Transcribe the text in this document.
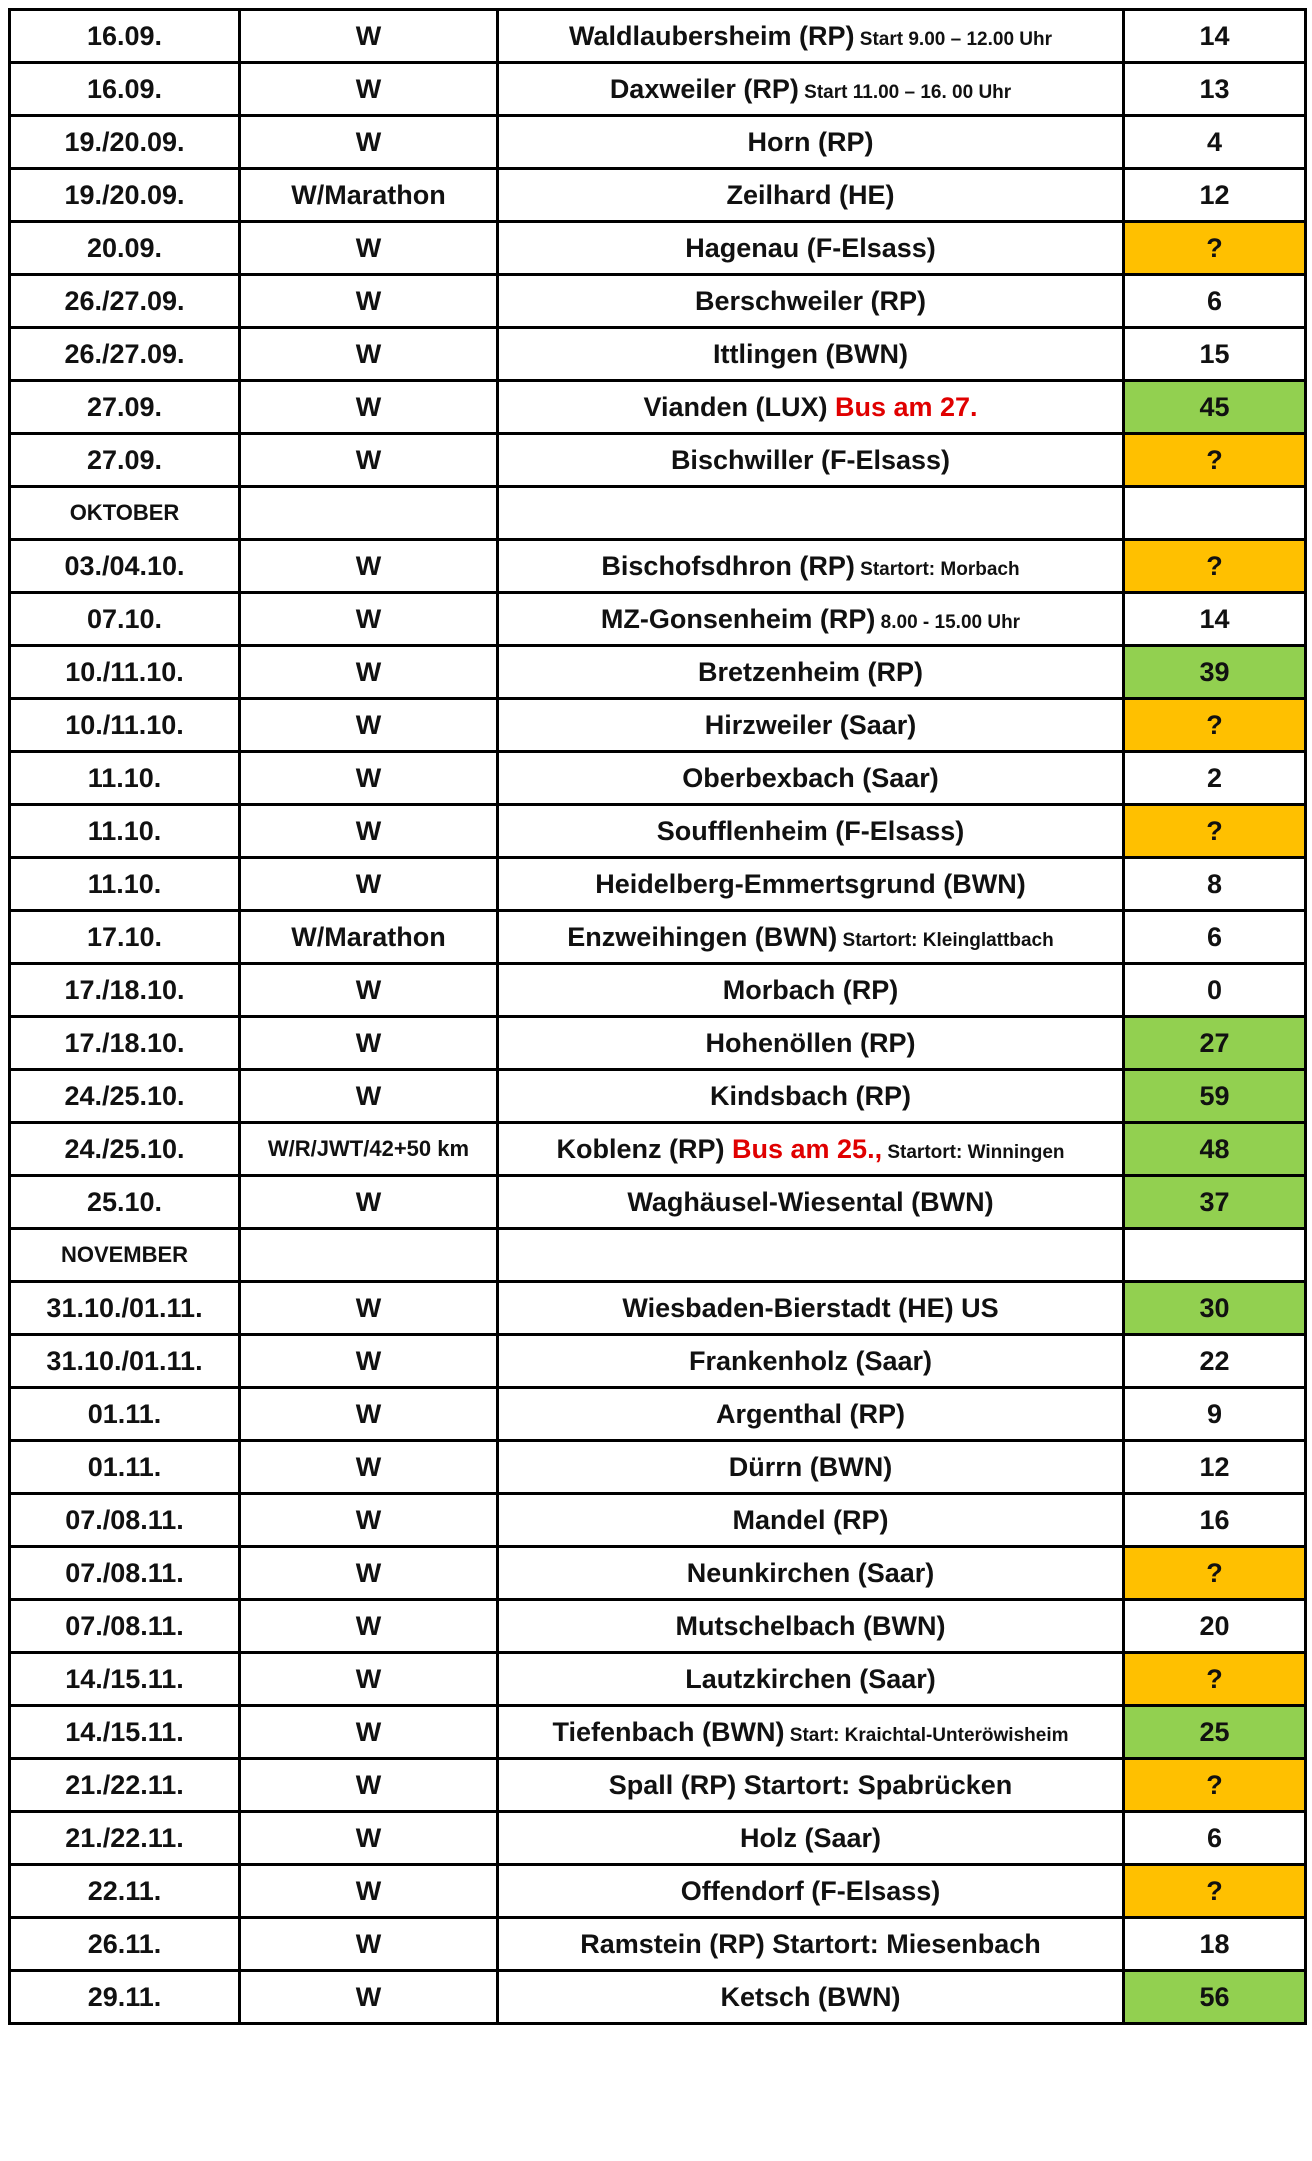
16.09.	W	Waldlaubersheim (RP) Start 9.00 – 12.00 Uhr	14
16.09.	W	Daxweiler (RP) Start 11.00 – 16. 00 Uhr	13
19./20.09.	W	Horn (RP)	4
19./20.09.	W/Marathon	Zeilhard (HE)	12
20.09.	W	Hagenau (F-Elsass)	?
26./27.09.	W	Berschweiler (RP)	6
26./27.09.	W	Ittlingen (BWN)	15
27.09.	W	Vianden (LUX) Bus am 27.	45
27.09.	W	Bischwiller (F-Elsass)	?
OKTOBER			
03./04.10.	W	Bischofsdhron (RP) Startort: Morbach	?
07.10.	W	MZ-Gonsenheim (RP) 8.00 - 15.00 Uhr	14
10./11.10.	W	Bretzenheim (RP)	39
10./11.10.	W	Hirzweiler (Saar)	?
11.10.	W	Oberbexbach (Saar)	2
11.10.	W	Soufflenheim (F-Elsass)	?
11.10.	W	Heidelberg-Emmertsgrund (BWN)	8
17.10.	W/Marathon	Enzweihingen (BWN) Startort: Kleinglattbach	6
17./18.10.	W	Morbach (RP)	0
17./18.10.	W	Hohenöllen (RP)	27
24./25.10.	W	Kindsbach (RP)	59
24./25.10.	W/R/JWT/42+50 km	Koblenz (RP) Bus am 25., Startort: Winningen	48
25.10.	W	Waghäusel-Wiesental (BWN)	37
NOVEMBER			
31.10./01.11.	W	Wiesbaden-Bierstadt (HE) US	30
31.10./01.11.	W	Frankenholz (Saar)	22
01.11.	W	Argenthal (RP)	9
01.11.	W	Dürrn (BWN)	12
07./08.11.	W	Mandel (RP)	16
07./08.11.	W	Neunkirchen (Saar)	?
07./08.11.	W	Mutschelbach (BWN)	20
14./15.11.	W	Lautzkirchen (Saar)	?
14./15.11.	W	Tiefenbach (BWN) Start: Kraichtal-Unteröwisheim	25
21./22.11.	W	Spall (RP) Startort: Spabrücken	?
21./22.11.	W	Holz (Saar)	6
22.11.	W	Offendorf (F-Elsass)	?
26.11.	W	Ramstein (RP) Startort: Miesenbach	18
29.11.	W	Ketsch (BWN)	56
